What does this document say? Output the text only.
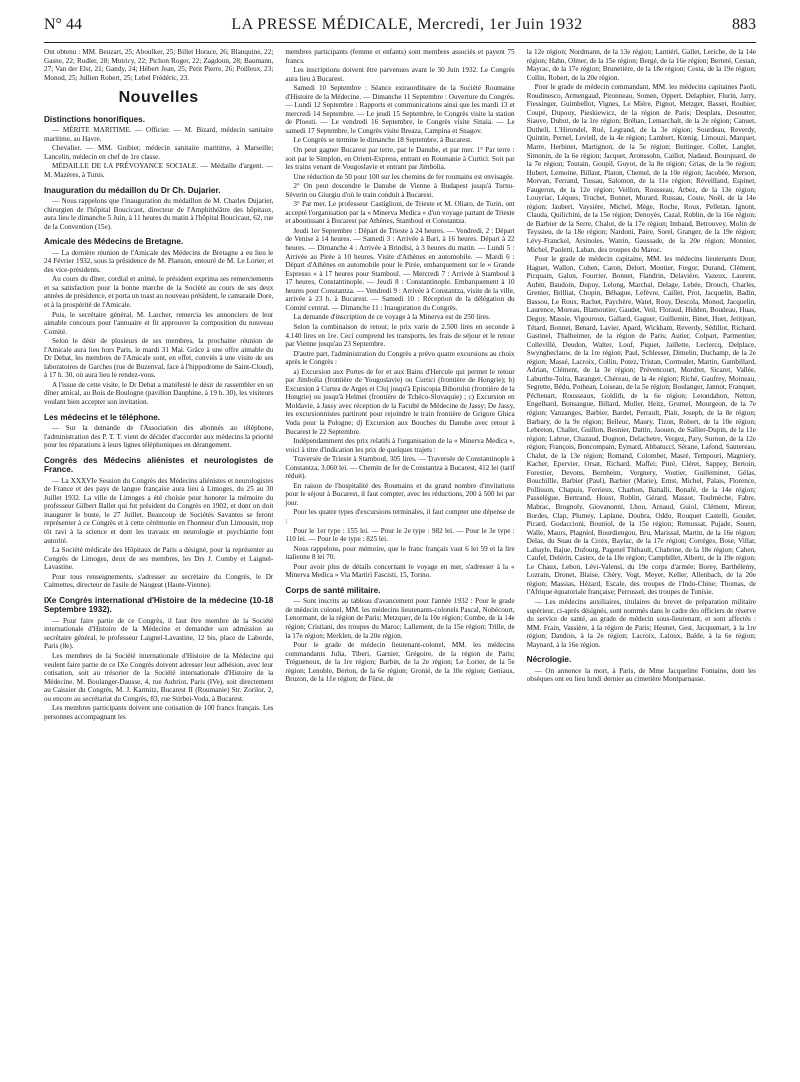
N° 44	LA PRESSE MÉDICALE, Mercredi, 1er Juin 1932	883

Ont obtenu : MM. Beuzart, 25; Aboulker, 25; Billet Horace, 26; Blanquine, 22; Gasne, 22; Rudler, 28; Mutricy, 22; Pichon Roger, 22; Zagdoun, 28; Baumann, 27; Van der Elst, 21; Gandy, 24; Hébert Jean, 25; Petit Pierre, 26; Poilleux, 23; Monod, 25; Jullien Robert, 25; Lebel Frédéric, 23.

Nouvelles
Distinctions honorifiques.

— MÉRITE MARITIME. — Officier. — M. Bizard, médecin sanitaire maritime, au Havre.

Chevalier. — MM. Guibier, médecin sanitaire maritime, à Marseille; Lancelin, médecin en chef de 1re classe.

MÉDAILLE DE LA PRÉVOYANCE SOCIALE. — Médaille d'argent. — M. Mazères, à Tunis.

Inauguration du médaillon du Dr Ch. Dujarier.

— Nous rappelons que l'inauguration du médaillon de M. Charles Dujarier, chirurgien de l'hôpital Boucicaut, directeur de l'Amphithéâtre des hôpitaux, aura lieu le dimanche 5 Juin, à 11 heures du matin à l'hôpital Boucicaut, 62, rue de la Convention (15e).

Amicale des Médecins de Bretagne.

— La dernière réunion de l'Amicale des Médecins de Bretagne a eu lieu le 24 Février 1932, sous la présidence de M. Planson, entouré de M. Le Lorier, et des vice-présidents.

Au cours du dîner, cordial et animé, le président exprima ses remerciements et sa satisfaction pour la bonne marche de la Société au cours de ses deux années de présidence, et porta un toast au nouveau président, le camarade Dore, et à la prospérité de l'Amicale.

Puis, le secrétaire général, M. Larcher, remercia les annonciers de leur aimable concours pour l'annuaire et fit approuver la composition du nouveau Comité.

Selon le désir de plusieurs de ses membres, la prochaine réunion de l'Amicale aura lieu hors Paris, le mardi 31 Mai. Grâce à une offre aimable du Dr Debat, les membres de l'Amicale sont, en effet, conviés à une visite de ses laboratoires de Garches (rue de Buzenval, face à l'hippodrome de Saint-Cloud), à 17 h. 30, où aura lieu le rendez-vous.

A l'issue de cette visite, le Dr Debat a manifesté le désir de rassembler en un dîner amical, au Bois de Boulogne (pavillon Dauphine, à 19 h. 30), les visiteurs voulant bien accepter son invitation.

Les médecins et le téléphone.

— Sur la demande de l'Association des abonnés au téléphone, l'administration des P. T. T. vient de décider d'accorder aux médecins la priorité pour les réparations à leurs lignes téléphoniques en dérangement.

Congrès des Médecins aliénistes et neurologistes de France.

— La XXXVIe Session du Congrès des Médecins aliénistes et neurologistes de France et des pays de langue française aura lieu à Limoges, du 25 au 30 Juillet 1932. La ville de Limoges a été choisie pour honorer la mémoire du professeur Gilbert Ballet qui fut président du Congrès en 1902, et dont on doit inaugurer le buste, le 27 Juillet. Beaucoup de Sociétés Savantes se feront représenter à ce Congrès et à cette cérémonie en l'honneur d'un Limousin, trop tôt ravi à la science et dont les travaux en neurologie et psychiatrie font autorité.

La Société médicale des Hôpitaux de Paris a désigné, pour la représenter au Congrès de Limoges, deux de ses membres, les Drs J. Comby et Laignel-Lavastine.

Pour tous renseignements, s'adresser au secrétaire du Congrès, le Dr Calmettes, directeur de l'asile de Naugeat (Haute-Vienne).

IXe Congrès international d'Histoire de la médecine (10-18 Septembre 1932).

— Pour faire partie de ce Congrès, il faut être membre de la Société internationale d'Histoire de la Médecine et demander son admission au secrétaire général, le professeur Laignel-Lavastine, 12 bis, place de Laborde, Paris (8e).

Les membres de la Société internationale d'Histoire de la Médecine qui veulent faire partie de ce IXe Congrès doivent adresser leur adhésion, avec leur cotisation, soit au trésorier de la Société internationale d'Histoire de la Médecine, M. Boulanger-Dausse, 4, rue Aubriot, Paris (IVe), soit directement au Caissier du Congrès, M. J. Karmitz, Bucarest II (Roumanie) Str. Zorilor, 2, ou encore au secrétariat du Congrès, 83, rue Stirbei-Voda, à Bucarest.

Les membres participants doivent une cotisation de 100 francs français. Les personnes accompagnant les

membres participants (femme et enfants) sont membres associés et payent 75 francs.

Les inscriptions doivent être parvenues avant le 30 Juin 1932. Le Congrès aura lieu à Bucarest.

Samedi 10 Septembre : Séance extraordinaire de la Société Roumaine d'Histoire de la Médecine. — Dimanche 11 Septembre : Ouverture du Congrès. — Lundi 12 Septembre : Rapports et communications ainsi que les mardi 13 et mercredi 14 Septembre. — Le jeudi 15 Septembre, le Congrès visite la station de Ploesti. — Le vendredi 16 Septembre, le Congrès visite Sinaia. — Le samedi 17 Septembre, le Congrès visite Breaza, Campina et Snagov.

Le Congrès se termine le dimanche 18 Septembre, à Bucarest.

On peut gagner Bucarest par terre, par le Danube, et par mer. 1° Par terre : soit par le Simplon, en Orient-Express, entrant en Roumanie à Curtici. Soit par les trains venant de Vougoslavie et entrant par Jimbolia.

Une réduction de 50 pour 100 sur les chemins de fer roumains est envisagée.

2° On peut descendre le Danube de Vienne à Budapest jusqu'à Turnu-Séverin ou Giurgiu d'où le train conduit à Bucarest.

3° Par mer. Le professeur Castiglioni, de Trieste et M. Oliaro, de Turin, ont accepté l'organisation par la « Minerva Medica » d'un voyage partant de Trieste et aboutissant à Bucarest par Athènes, Stamboul et Constantza.

Jeudi 1er Septembre : Départ de Trieste à 24 heures. — Vendredi, 2 : Départ de Venise à 14 heures. — Samedi 3 : Arrivée à Bari, à 16 heures. Départ à 22 heures. — Dimanche 4 : Arrivée à Brindisi, à 3 heures du matin. — Lundi 5 : Arrivée au Pirée à 10 heures. Visite d'Athènes en automobile. — Mardi 6 : Départ d'Athènes en automobile pour le Pirée, embarquement sur le « Grande Espresso » à 17 heures pour Stamboul. — Mercredi 7 : Arrivée à Stamboul à 17 heures, Constantinople. — Jeudi 8 : Constantinople. Embarquement à 10 heures pour Constantza. — Vendredi 9 : Arrivée à Constantza, visite de la ville, arrivée à 23 h. à Bucarest. — Samedi 10 : Réception de la délégation du Comité central. — Dimanche 11 : Inauguration du Congrès.

La demande d'inscription de ce voyage à la Minerva est de 250 lires.

Selon la combinaison de retour, le prix varie de 2.500 lires en seconde à 4.140 lires en 1re. Ceci comprend les transports, les frais de séjour et le retour par Vienne jusqu'au 23 Septembre.

D'autre part, l'administration du Congrès a prévu quatre excursions au choix après le Congrès :

a) Excursion aux Portes de fer et aux Bains d'Hercule qui permet le retour par Jimbolia (frontière de Yougoslavie) ou Curtici (frontière de Hongrie); b) Excursion à Curtea de Arges et Cluj jusqu'à Episcopia Bihorului (frontière de la Hongrie) ou jusqu'à Helmei (frontière de Tchéco-Slovaquie) ; c) Excursion en Moldavie, à Jassy avec réception de la Faculté de Médecine de Jassy; De Jassy, les excursionnistes partiront pour rejoindre le train frontière de Grigore Ghica Voda pour la Pologne; d) Excursion aux Bouches du Danube avec retour à Bucarest le 22 Septembre.

Indépendamment des prix relatifs à l'organisation de la « Minerva Medica », voici à titre d'indication les prix de quelques trajets :

Traversée de Trieste à Stamboul, 305 lires. — Traversée de Constantinople à Constantza, 3.060 lei. — Chemin de fer de Constantza à Bucarest, 412 lei (tarif réduit).

En raison de l'hospitalité des Roumains et du grand nombre d'invitations pour le séjour à Bucarest, il faut compter, avec les réductions, 200 à 500 lei par jour.

Pour les quatre types d'excursions terminales, il faut compter une dépense de :

Pour le 1er type : 155 lei. — Pour le 2e type : 982 lei. — Pour le 3e type : 110 lei. — Pour le 4e type : 825 lei.

Nous rappelons, pour mémoire, que le franc français vaut 6 lei 59 et la lire italienne 8 lei 70.

Pour avoir plus de détails concernant le voyage en mer, s'adresser à la « Minerva Medica » Via Martiri Fascisti, 15, Torino.

Corps de santé militaire.

— Sont inscrits au tableau d'avancement pour l'année 1932 : Pour le grade de médecin colonel, MM. les médecins lieutenants-colonels Pascal, Nobécourt, Lenormant, de la région de Paris; Metzquer, de la 10e région; Combe, de la 14e région; Cristiani, des troupes du Maroc; Lallement, de la 15e région; Trille, de la 17e région; Merklen, de la 20e région.

Pour le grade de médecin lieutenant-colonel, MM. les médecins commandants Julia, Tiberi, Garnier, Grégoire, de la région de Paris; Tréguenoux, de la 1re région; Barbin, de la 2e région; Le Lorier, de la 5e région; Lenoble, Berton, de la 6e région; Gronié, de la 10e région; Geniaux, Bruzon, de la 11e région; de Fürst, de

la 12e région; Nordmann, de la 13e région; Lantiéri, Gallet, Leriche, de la 14e région; Hahn, Olmer, de la 15e région; Bergé, de la 16e région; Berteté, Cestan, Mayrac, de la 17e région; Brunetière, de la 18e région; Costa, de la 19e région; Collin, Robert, de la 20e région.

Pour le grade de médecin commandant, MM. les médecins capitaines Paoli, Roudinesco, Armengaud, Pironneau, Somen, Oppert, Delaphier, Flurin, Jarry, Fiessinger, Guimbellot, Vignes, Le Mière, Pignot, Metzger, Basset, Roubier, Coupé, Dupouy, Pieskiewicz, de la région de Paris; Desplats, Desoutter, Siauve, Dubot, de la 1re région; Bréhan, Lemarchalt, de la 2e région; Canuet, Duthell, L'Hirondel, Rué, Legrand, de la 3e région; Sourdeau, Reverdy, Quintin, Pernel, Leviell, de la 4e région; Lambert, Kœnig, Limouzi, Marquet, Marre, Herbinet, Martignon, de la 5e région; Buttinger, Collet, Langlet, Simonin, de la 6e région; Jacquet, Aronssohn, Caillot, Nadaud, Bourquard, de la 7e région; Toutain, Goupil, Guyot, de la 8e région; Grias, de la 9e région; Hubert, Lemoine, Billaut, Platon, Chemel, de la 10e région; Jacobée, Merson, Morvan, Ferrand, Tussau, Salomon, de la 11e région; Réveilland, Espinet, Faugeron, de la 12e région; Veillon, Rousseau, Arbez, de la 13e région; Louyriac, Lèques, Truchet, Bonnet, Murard, Russau, Coste, Noël, de la 14e région; Jaubert, Vaysière, Michel, Mège, Roche, Roux, Pelletan, Ignont, Clauda, Quilichini, de la 15e région; Denoyès, Cazal, Roblin, de la 16e région; de Barbier de la Serre, Chalot, de la 17e région; Imbaud, Betrouvey, Molin de Teyssieu, de la 18e région; Nardoni, Paire, Sorel, Granger, de la 19e région; Lévy-Franckel, Arsinoles, Watrin, Gaussade, de la 20e région; Monnier, Michel, Paoletti, Laban, des troupes du Maroc.

Pour le grade de médecin capitaine, MM. les médecins lieutenants Dour, Haguet, Wallon, Cohen, Caron, Delort, Moutier, Fregor, Durand, Clément, Picquain, Galon, Fourrier, Bonnet, Flandrin, Delavière, Vazeux, Laurent, Aubin, Baudoin, Dupuy, Lelong, Marchal, Delage, Lebée, Drouch, Charles, Grenier, Brilliat, Chopin, Béhague, Lefèvre, Caillet, Prot, Jacquelin, Badin, Bassou, Le Roux, Rachet, Paychère, Watel, Rouy, Descola, Monod, Jacquelin, Laurence, Moreau, Blamoutier, Gaudet, Veil, Floraud, Hidden, Boudeau, Huas, Deguy, Massie, Vigouroux, Gallard, Gaguer, Guillemin, Binet, Huet, Jetitjean, Tétard, Bonnet, Benard, Lavier, Apard, Wickham, Reverdy, Sédillot, Richard, Gastinel, Thalheimer, de la région de Paris; Autier, Colpart, Parmentier, Collevillé, Deudon, Walter, Louf, Piquet, Jaillette, Leclercq, Delplace, Swyngheclauw, de la 1re région; Paul, Schlesser, Dimelin, Duchamp, de la 2e région; Massé, Lacroix, Collin, Potez, Tristan, Cormudet, Martin, Gambillard, Adrian, Clément, de la 3e région; Prévencourt, Mordret, Sicaret, Vallée, Laburthe-Tolra, Baranger, Chéreau, de la 4e région; Riché, Gaufrey, Moineau, Segrette, Bédu, Pothean, Loiseau, de la 5e région; Boulanger, Jannot, Franquet, Péchenart, Rousseaux, Goldith, de la 6e région; Letondahon, Netton, Engelhard, Bonsaugue, Billard, Muller, Heitz, Grumel, Mourgeon, de la 7e région; Vanzanges, Barbier, Bardet, Perrault, Plait, Joseph, de la 8e région; Barbary, de la 9e région; Belleuc, Maury, Tizon, Robert, de la 10e région; Lebreton, Challet, Guillon, Besnier, Dattin, Jaouen, de Sallier-Dupin, de la 11e région; Labrue, Chazaud, Dognon, Delachetre, Vergez, Pary, Surnun, de la 12e région; François, Boncompain, Eymard, Abbatucci, Sérane, Lafond, Sautereau, Chalut, de la 13e région; Romand, Colombet, Masré, Tempouri, Magniery, Kacher, Epervier, Orsat, Richard, Maffei; Pitré, Cléret, Sappey, Bertoin, Forestier, Devons, Bernheim, Vergnery, Voutier, Guilleminet, Gélas, Bouchillle, Barbier (Paul), Barbier (Marie), Ernst, Michel, Palais, Florence, Pollisson, Chapuis, Ferrieux, Charbon, Battalli, Bonafé, de la 14e région; Passelègue, Bertrand, Houst, Roblin, Gérard, Massot, Toulmèche, Fabre, Mabrac, Brognoly, Giovanonni, Lhou, Arnaud, Guiol, Clément, Mireur, Bordes, Clap, Plumey, Laplane, Doubra, Oddo, Rouquet Castelli, Goudet, Picard, Godaccioni, Bouniol, de la 15e région; Remussat, Pujade, Souen, Walle, Maurs, Plagniol, Bourdiengou, Bru, Marissal, Martin, de la 16e région; Delas, du Suau de la Croix, Baylac, de la 17e région; Corréges, Bose, Villar, Labayle, Bajue, Dufourg, Pagenel Thibault, Chabrine, de la 18e région; Cahen, Caufel, Delérin, Castex, de la 18e région; Campbillet, Alberti, de la 19e région; Le Chaux, Lebon, Lévi-Valensi, du 19e corps d'armée; Borey, Barthélemy, Lozrain, Dronet, Blaise, Chéry, Vogt, Meyer, Keller, Allenbach, de la 20e région; Massias, Hézard, Escale, des troupes de l'Indo-Chine; Thomas, de l'Afrique équatoriale française; Perrussel, des troupes de Tunisie.

— Les médecins auxiliaires, titulaires du brevet de préparation militaire supérieur, ci-après désignés, sont nommés dans le cadre des officiers de réserve du service de santé, au grade de médecin sous-lieutenant, et sont affectés : MM. Frain, Vassière, à la région de Paris; Heunet, Gest, Jacquemart, à la 1re région; Dandois, à la 2e région; Lacroix, Laloux, Balde, à la 6e région; Maynard, à la 16e région.

Nécrologie.

— On annonce la mort, à Paris, de Mme Jacqueline Fontaine, dont les obsèques ont eu lieu lundi dernier au cimetière Montparnasse.
